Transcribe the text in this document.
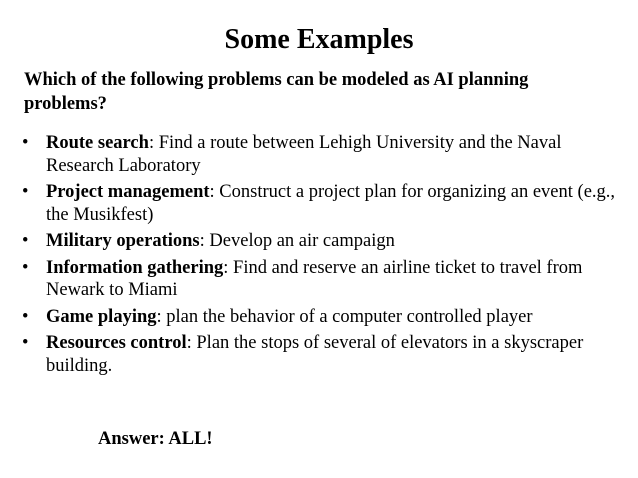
Some Examples

Which of the following problems can be modeled as AI planning problems?

• Route search: Find a route between Lehigh University and the Naval Research Laboratory
• Project management: Construct a project plan for organizing an event (e.g., the Musikfest)
• Military operations: Develop an air campaign
• Information gathering: Find and reserve an airline ticket to travel from Newark to Miami
• Game playing: plan the behavior of a computer controlled player
• Resources control: Plan the stops of several of elevators in a skyscraper building.

Answer: ALL!
